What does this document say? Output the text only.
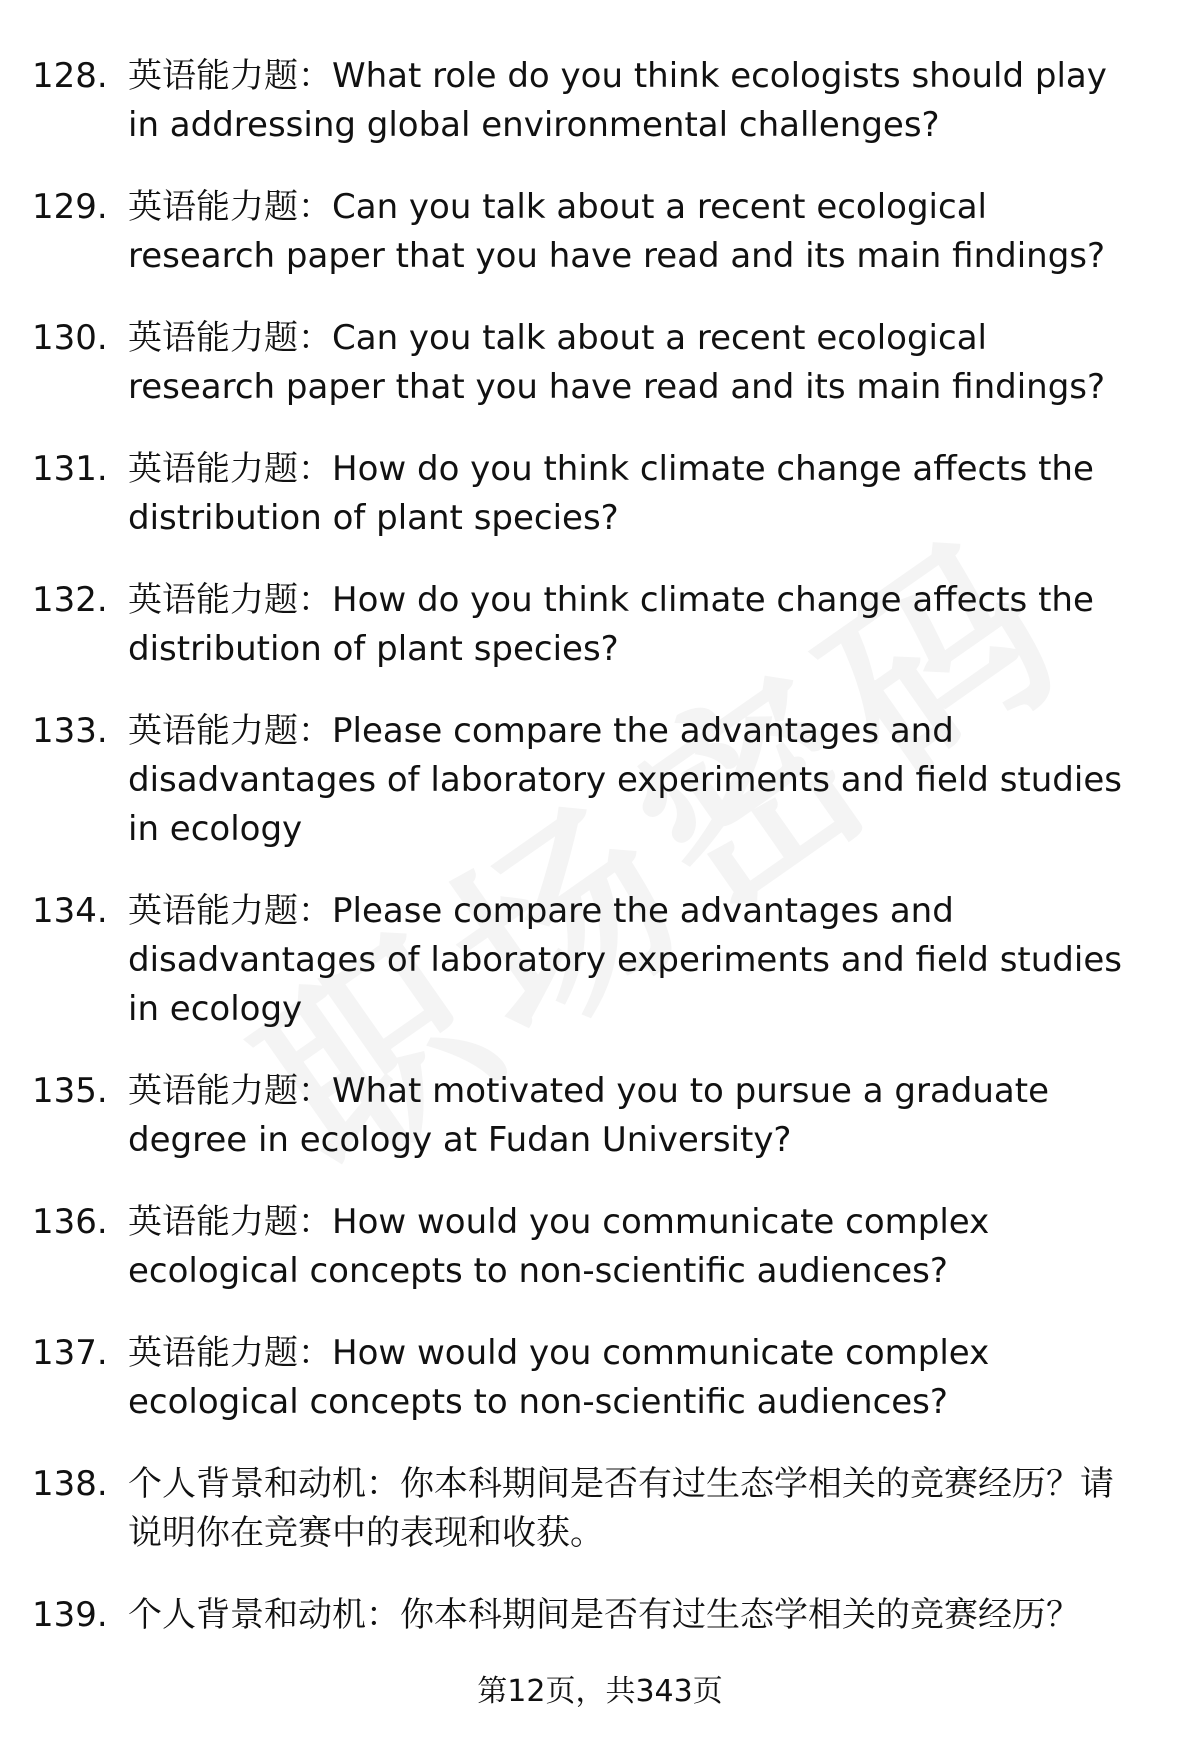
128. 英语能力题：What role do you think ecologists should play in addressing global environmental challenges?
129. 英语能力题：Can you talk about a recent ecological research paper that you have read and its main findings?
130. 英语能力题：Can you talk about a recent ecological research paper that you have read and its main findings?
131. 英语能力题：How do you think climate change affects the distribution of plant species?
132. 英语能力题：How do you think climate change affects the distribution of plant species?
133. 英语能力题：Please compare the advantages and disadvantages of laboratory experiments and field studies in ecology
134. 英语能力题：Please compare the advantages and disadvantages of laboratory experiments and field studies in ecology
135. 英语能力题：What motivated you to pursue a graduate degree in ecology at Fudan University?
136. 英语能力题：How would you communicate complex ecological concepts to non-scientific audiences?
137. 英语能力题：How would you communicate complex ecological concepts to non-scientific audiences?
138. 个人背景和动机：你本科期间是否有过生态学相关的竞赛经历？请说明你在竞赛中的表现和收获。
139. 个人背景和动机：你本科期间是否有过生态学相关的竞赛经历？
第12页，共343页
